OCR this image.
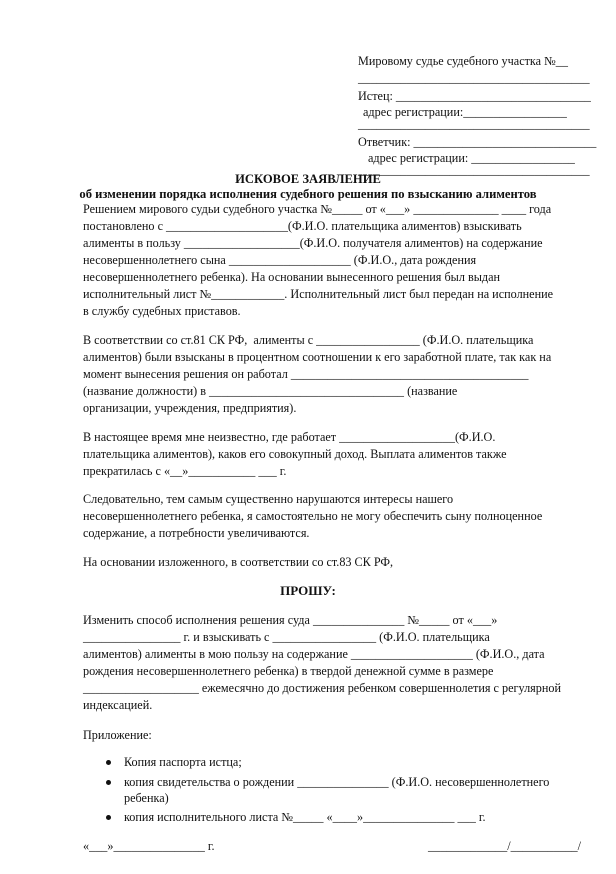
Мировому судье судебного участка №__
______________________________________
Истец: ________________________________
адрес регистрации:_________________
______________________________________
Ответчик: ______________________________
адрес регистрации: _________________
______________________________________
ИСКОВОЕ ЗАЯВЛЕНИЕ
об изменении порядка исполнения судебного решения по взысканию алиментов
Решением мирового судьи судебного участка №_____ от «___» ______________ ____ года
постановлено с ____________________(Ф.И.О. плательщика алиментов) взыскивать
алименты в пользу ___________________(Ф.И.О. получателя алиментов) на содержание
несовершеннолетнего сына ____________________ (Ф.И.О., дата рождения
несовершеннолетнего ребенка). На основании вынесенного решения был выдан
исполнительный лист №____________. Исполнительный лист был передан на исполнение
в службу судебных приставов.
В соответствии со ст.81 СК РФ,  алименты с _________________ (Ф.И.О. плательщика
алиментов) были взысканы в процентном соотношении к его заработной плате, так как на
момент вынесения решения он работал _______________________________________
(название должности) в ________________________________ (название
организации, учреждения, предприятия).
В настоящее время мне неизвестно, где работает ___________________(Ф.И.О.
плательщика алиментов), каков его совокупный доход. Выплата алиментов также
прекратилась с «__»___________ ___ г.
Следовательно, тем самым существенно нарушаются интересы нашего
несовершеннолетнего ребенка, я самостоятельно не могу обеспечить сыну полноценное
содержание, а потребности увеличиваются.
На основании изложенного, в соответствии со ст.83 СК РФ,
ПРОШУ:
Изменить способ исполнения решения суда _______________ №_____ от «___»
________________ г. и взыскивать с _________________ (Ф.И.О. плательщика
алиментов) алименты в мою пользу на содержание ____________________ (Ф.И.О., дата
рождения несовершеннолетнего ребенка) в твердой денежной сумме в размере
___________________ ежемесячно до достижения ребенком совершеннолетия с регулярной
индексацией.
Приложение:
Копия паспорта истца;
копия свидетельства о рождении _______________ (Ф.И.О. несовершеннолетнего
ребенка)
копия исполнительного листа №_____ «____»_______________ ___ г.
«___»_______________ г.	_____________/___________/
